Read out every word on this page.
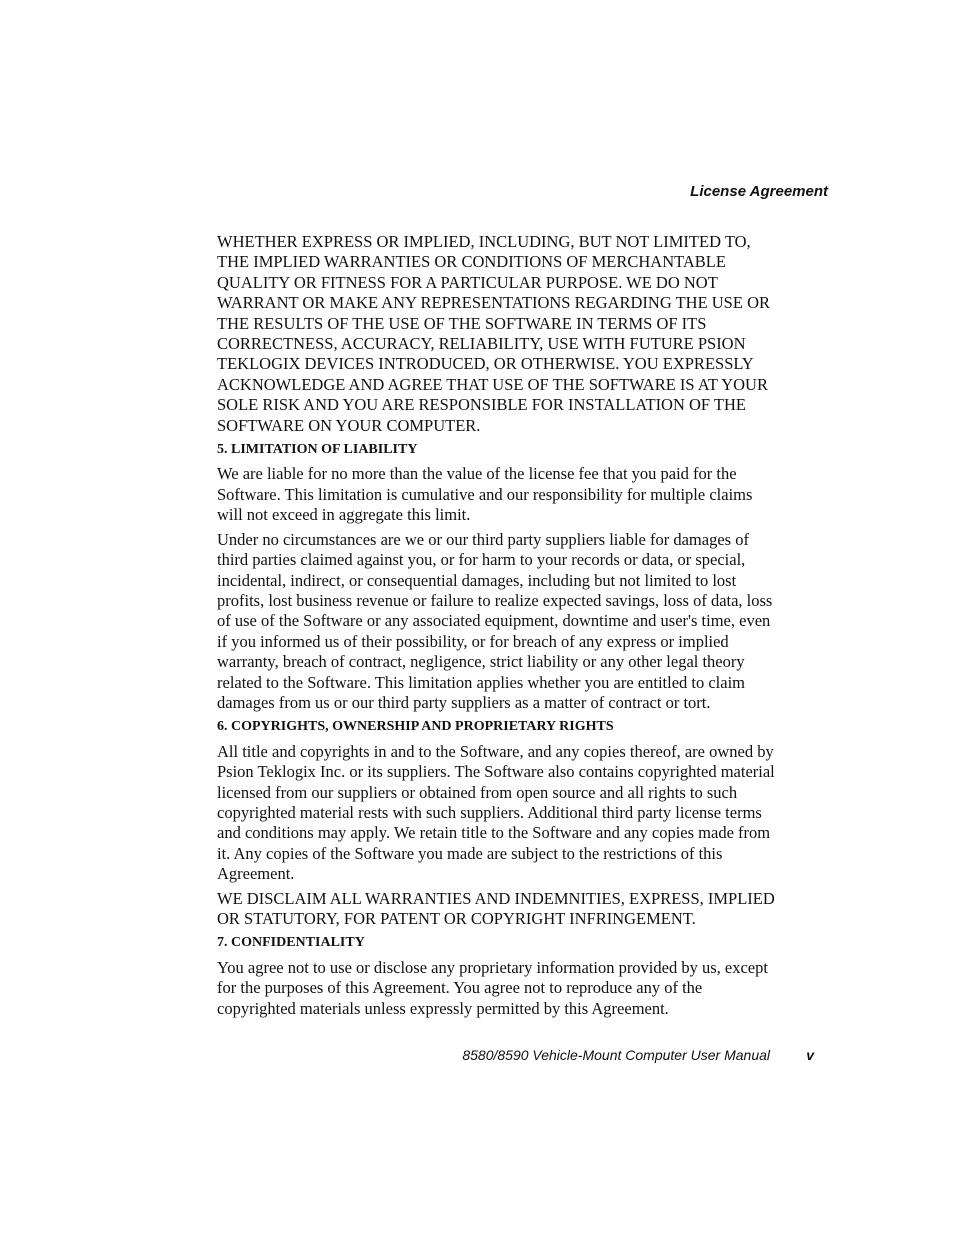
License Agreement

WHETHER EXPRESS OR IMPLIED, INCLUDING, BUT NOT LIMITED TO, THE IMPLIED WARRANTIES OR CONDITIONS OF MERCHANTABLE QUALITY OR FITNESS FOR A PARTICULAR PURPOSE. WE DO NOT WARRANT OR MAKE ANY REPRESENTATIONS REGARDING THE USE OR THE RESULTS OF THE USE OF THE SOFTWARE IN TERMS OF ITS CORRECTNESS, ACCURACY, RELIABILITY, USE WITH FUTURE PSION TEKLOGIX DEVICES INTRODUCED, OR OTHERWISE. YOU EXPRESSLY ACKNOWLEDGE AND AGREE THAT USE OF THE SOFTWARE IS AT YOUR SOLE RISK AND YOU ARE RESPONSIBLE FOR INSTALLATION OF THE SOFTWARE ON YOUR COMPUTER.

5. LIMITATION OF LIABILITY

We are liable for no more than the value of the license fee that you paid for the Software. This limitation is cumulative and our responsibility for multiple claims will not exceed in aggregate this limit.

Under no circumstances are we or our third party suppliers liable for damages of third parties claimed against you, or for harm to your records or data, or special, incidental, indirect, or consequential damages, including but not limited to lost profits, lost business revenue or failure to realize expected savings, loss of data, loss of use of the Software or any associated equipment, downtime and user's time, even if you informed us of their possibility, or for breach of any express or implied warranty, breach of contract, negligence, strict liability or any other legal theory related to the Software. This limitation applies whether you are entitled to claim damages from us or our third party suppliers as a matter of contract or tort.

6. COPYRIGHTS, OWNERSHIP AND PROPRIETARY RIGHTS

All title and copyrights in and to the Software, and any copies thereof, are owned by Psion Teklogix Inc. or its suppliers. The Software also contains copyrighted material licensed from our suppliers or obtained from open source and all rights to such copyrighted material rests with such suppliers. Additional third party license terms and conditions may apply. We retain title to the Software and any copies made from it. Any copies of the Software you made are subject to the restrictions of this Agreement.

WE DISCLAIM ALL WARRANTIES AND INDEMNITIES, EXPRESS, IMPLIED OR STATUTORY, FOR PATENT OR COPYRIGHT INFRINGEMENT.

7. CONFIDENTIALITY

You agree not to use or disclose any proprietary information provided by us, except for the purposes of this Agreement. You agree not to reproduce any of the copyrighted materials unless expressly permitted by this Agreement.

8580/8590 Vehicle-Mount Computer User Manual	v
